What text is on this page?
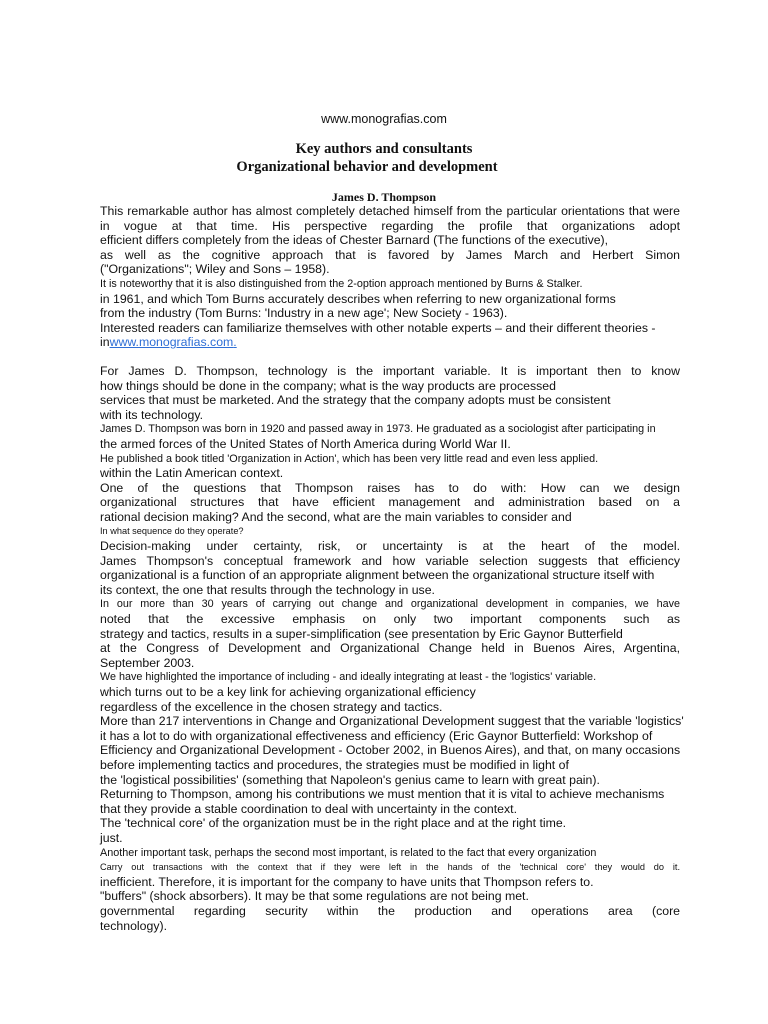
www.monografias.com
Key authors and consultants
Organizational behavior and development
James D. Thompson
This remarkable author has almost completely detached himself from the particular orientations that were
in vogue at that time. His perspective regarding the profile that organizations adopt
efficient differs completely from the ideas of Chester Barnard (The functions of the executive),
as well as the cognitive approach that is favored by James March and Herbert Simon
("Organizations"; Wiley and Sons – 1958).
It is noteworthy that it is also distinguished from the 2-option approach mentioned by Burns & Stalker.
in 1961, and which Tom Burns accurately describes when referring to new organizational forms
from the industry (Tom Burns: 'Industry in a new age'; New Society - 1963).
Interested readers can familiarize themselves with other notable experts – and their different theories -
inwww.monografias.com.
For James D. Thompson, technology is the important variable. It is important then to know
how things should be done in the company; what is the way products are processed
services that must be marketed. And the strategy that the company adopts must be consistent
with its technology.
James D. Thompson was born in 1920 and passed away in 1973. He graduated as a sociologist after participating in
the armed forces of the United States of North America during World War II.
He published a book titled 'Organization in Action', which has been very little read and even less applied.
within the Latin American context.
One of the questions that Thompson raises has to do with: How can we design
organizational structures that have efficient management and administration based on a
rational decision making? And the second, what are the main variables to consider and
In what sequence do they operate?
Decision-making under certainty, risk, or uncertainty is at the heart of the model.
James Thompson's conceptual framework and how variable selection suggests that efficiency
organizational is a function of an appropriate alignment between the organizational structure itself with
its context, the one that results through the technology in use.
In our more than 30 years of carrying out change and organizational development in companies, we have
noted that the excessive emphasis on only two important components such as
strategy and tactics, results in a super-simplification (see presentation by Eric Gaynor Butterfield
at the Congress of Development and Organizational Change held in Buenos Aires, Argentina,
September 2003.
We have highlighted the importance of including - and ideally integrating at least - the 'logistics' variable.
which turns out to be a key link for achieving organizational efficiency
regardless of the excellence in the chosen strategy and tactics.
More than 217 interventions in Change and Organizational Development suggest that the variable 'logistics'
it has a lot to do with organizational effectiveness and efficiency (Eric Gaynor Butterfield: Workshop of
Efficiency and Organizational Development - October 2002, in Buenos Aires), and that, on many occasions
before implementing tactics and procedures, the strategies must be modified in light of
the 'logistical possibilities' (something that Napoleon's genius came to learn with great pain).
Returning to Thompson, among his contributions we must mention that it is vital to achieve mechanisms
that they provide a stable coordination to deal with uncertainty in the context.
The 'technical core' of the organization must be in the right place and at the right time.
just.
Another important task, perhaps the second most important, is related to the fact that every organization
Carry out transactions with the context that if they were left in the hands of the 'technical core' they would do it.
inefficient. Therefore, it is important for the company to have units that Thompson refers to.
"buffers" (shock absorbers). It may be that some regulations are not being met.
governmental regarding security within the production and operations area (core
technology).
